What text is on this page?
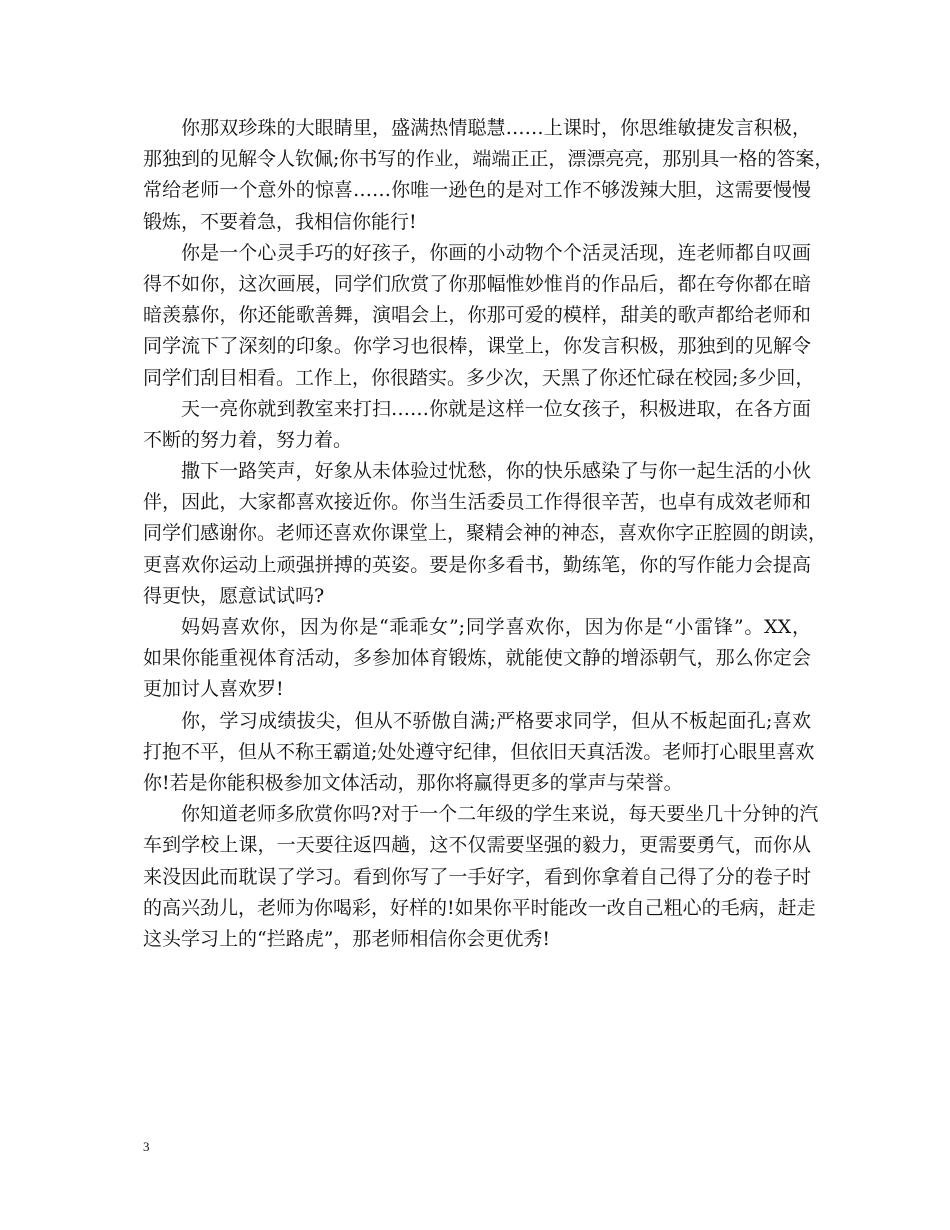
你那双珍珠的大眼睛里，盛满热情聪慧……上课时，你思维敏捷发言积极，
那独到的见解令人钦佩;你书写的作业，端端正正，漂漂亮亮，那别具一格的答案，
常给老师一个意外的惊喜……你唯一逊色的是对工作不够泼辣大胆，这需要慢慢
锻炼，不要着急，我相信你能行!

你是一个心灵手巧的好孩子，你画的小动物个个活灵活现，连老师都自叹画
得不如你，这次画展，同学们欣赏了你那幅惟妙惟肖的作品后，都在夸你都在暗
暗羡慕你，你还能歌善舞，演唱会上，你那可爱的模样，甜美的歌声都给老师和
同学流下了深刻的印象。你学习也很棒，课堂上，你发言积极，那独到的见解令
同学们刮目相看。工作上，你很踏实。多少次，天黑了你还忙碌在校园;多少回，

天一亮你就到教室来打扫……你就是这样一位女孩子，积极进取，在各方面
不断的努力着，努力着。

撒下一路笑声，好象从未体验过忧愁，你的快乐感染了与你一起生活的小伙
伴，因此，大家都喜欢接近你。你当生活委员工作得很辛苦，也卓有成效老师和
同学们感谢你。老师还喜欢你课堂上，聚精会神的神态，喜欢你字正腔圆的朗读，
更喜欢你运动上顽强拼搏的英姿。要是你多看书，勤练笔，你的写作能力会提高
得更快，愿意试试吗?

妈妈喜欢你，因为你是“乖乖女”;同学喜欢你，因为你是“小雷锋”。XX，
如果你能重视体育活动，多参加体育锻炼，就能使文静的增添朝气，那么你定会
更加讨人喜欢罗!

你，学习成绩拔尖，但从不骄傲自满;严格要求同学，但从不板起面孔;喜欢
打抱不平，但从不称王霸道;处处遵守纪律，但依旧天真活泼。老师打心眼里喜欢
你!若是你能积极参加文体活动，那你将赢得更多的掌声与荣誉。

你知道老师多欣赏你吗?对于一个二年级的学生来说，每天要坐几十分钟的汽
车到学校上课，一天要往返四趟，这不仅需要坚强的毅力，更需要勇气，而你从
来没因此而耽误了学习。看到你写了一手好字，看到你拿着自己得了分的卷子时
的高兴劲儿，老师为你喝彩，好样的!如果你平时能改一改自己粗心的毛病，赶走
这头学习上的“拦路虎”，那老师相信你会更优秀!

3
